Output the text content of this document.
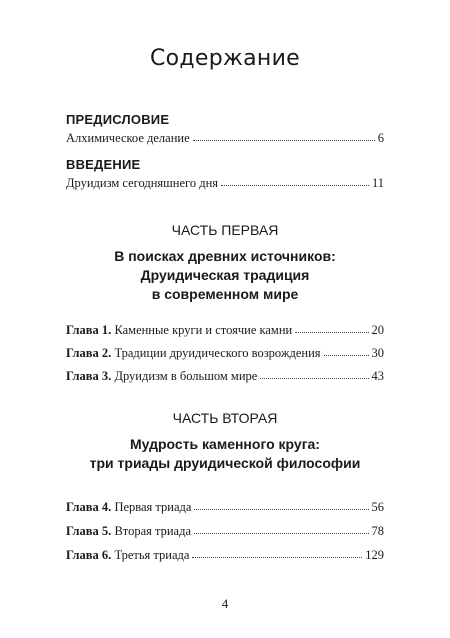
Содержание
ПРЕДИСЛОВИЕ
Алхимическое делание	6
ВВЕДЕНИЕ
Друидизм сегодняшнего дня	11
ЧАСТЬ ПЕРВАЯ
В поисках древних источников:
Друидическая традиция
в современном мире
Глава 1. Каменные круги и стоячие камни	20
Глава 2. Традиции друидического возрождения	30
Глава 3. Друидизм в большом мире	43
ЧАСТЬ ВТОРАЯ
Мудрость каменного круга:
три триады друидической философии
Глава 4. Первая триада	56
Глава 5. Вторая триада	78
Глава 6. Третья триада	129
4
